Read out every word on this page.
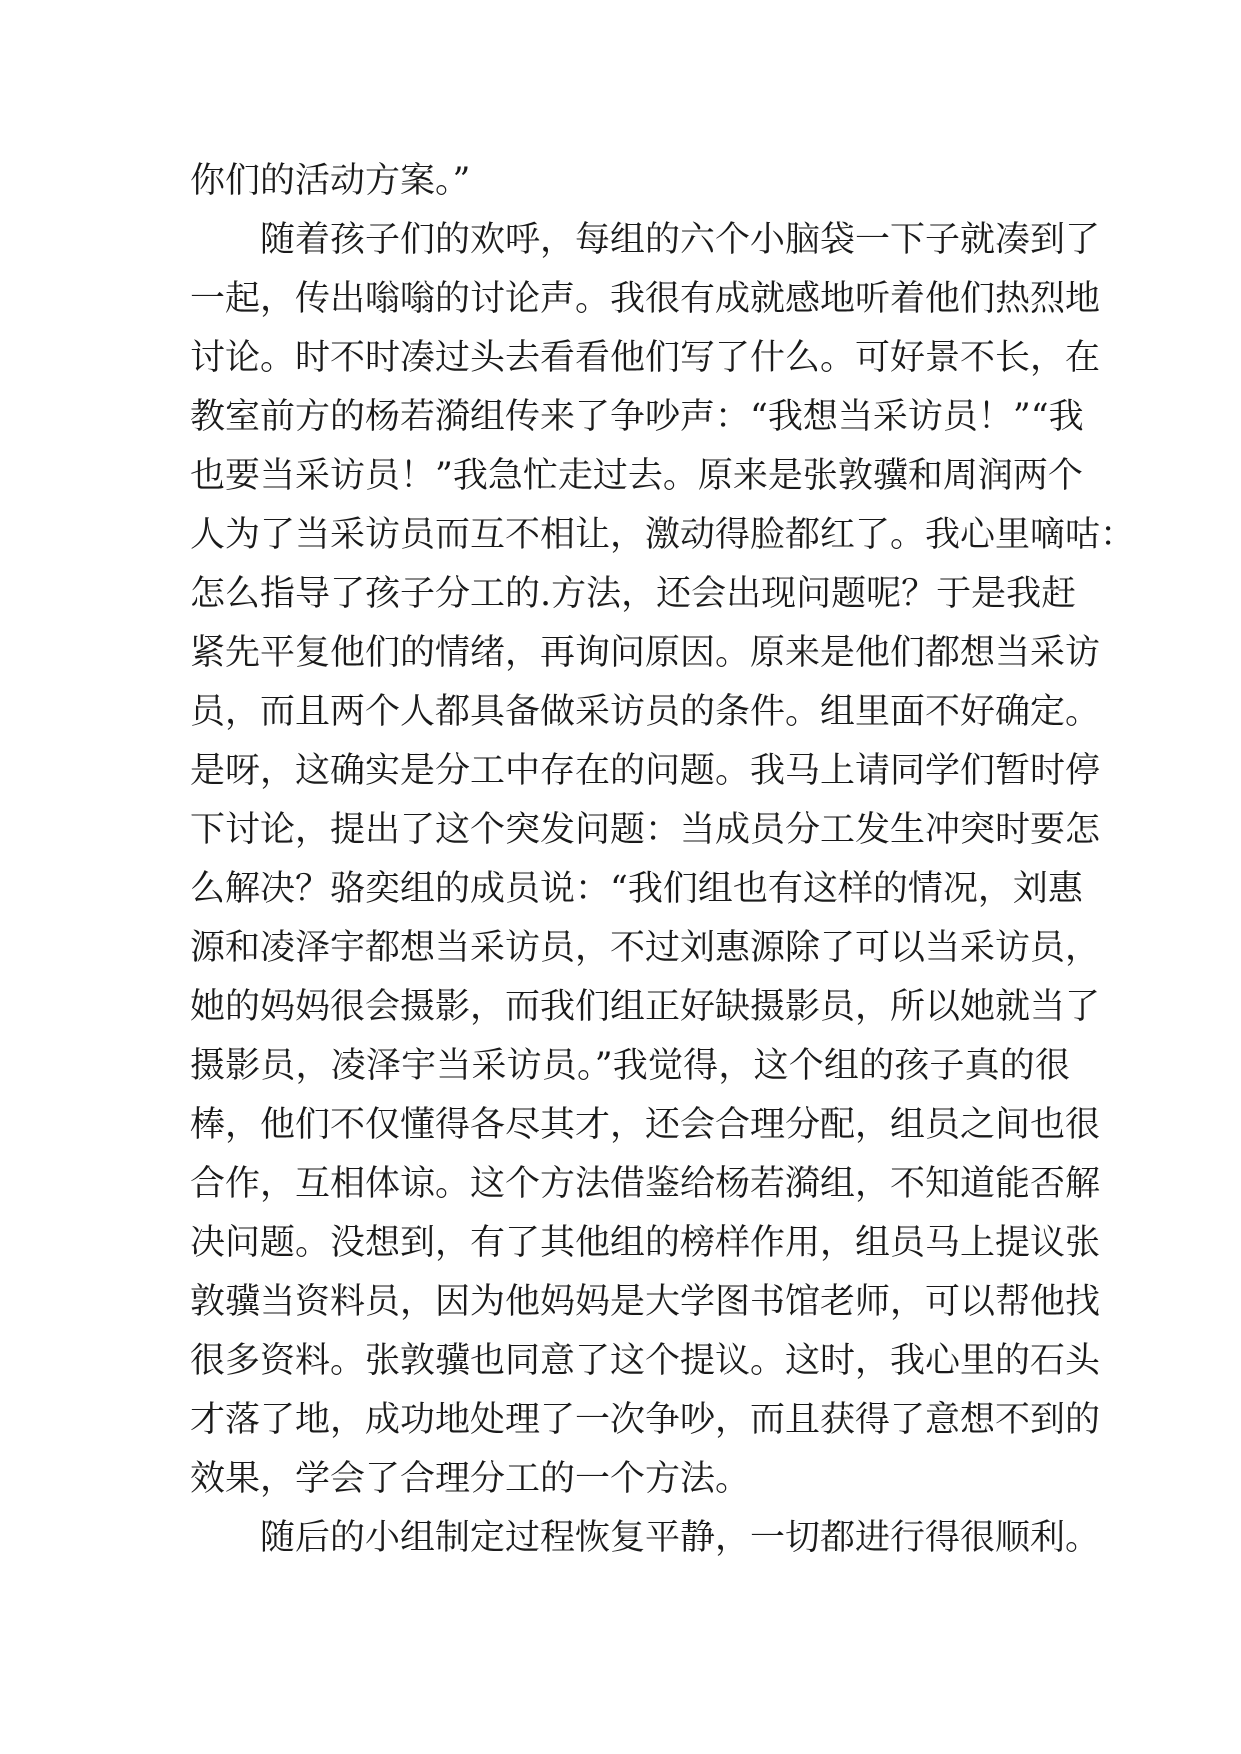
你们的活动方案。”
随着孩子们的欢呼，每组的六个小脑袋一下子就凑到了
一起，传出嗡嗡的讨论声。我很有成就感地听着他们热烈地
讨论。时不时凑过头去看看他们写了什么。可好景不长，在
教室前方的杨若漪组传来了争吵声：“我想当采访员！”“我
也要当采访员！”我急忙走过去。原来是张敦骥和周润两个
人为了当采访员而互不相让，激动得脸都红了。我心里嘀咕：
怎么指导了孩子分工的.方法，还会出现问题呢？于是我赶
紧先平复他们的情绪，再询问原因。原来是他们都想当采访
员，而且两个人都具备做采访员的条件。组里面不好确定。
是呀，这确实是分工中存在的问题。我马上请同学们暂时停
下讨论，提出了这个突发问题：当成员分工发生冲突时要怎
么解决？骆奕组的成员说：“我们组也有这样的情况，刘惠
源和凌泽宇都想当采访员，不过刘惠源除了可以当采访员，
她的妈妈很会摄影，而我们组正好缺摄影员，所以她就当了
摄影员，凌泽宇当采访员。”我觉得，这个组的孩子真的很
棒，他们不仅懂得各尽其才，还会合理分配，组员之间也很
合作，互相体谅。这个方法借鉴给杨若漪组，不知道能否解
决问题。没想到，有了其他组的榜样作用，组员马上提议张
敦骥当资料员，因为他妈妈是大学图书馆老师，可以帮他找
很多资料。张敦骥也同意了这个提议。这时，我心里的石头
才落了地，成功地处理了一次争吵，而且获得了意想不到的
效果，学会了合理分工的一个方法。
随后的小组制定过程恢复平静，一切都进行得很顺利。
